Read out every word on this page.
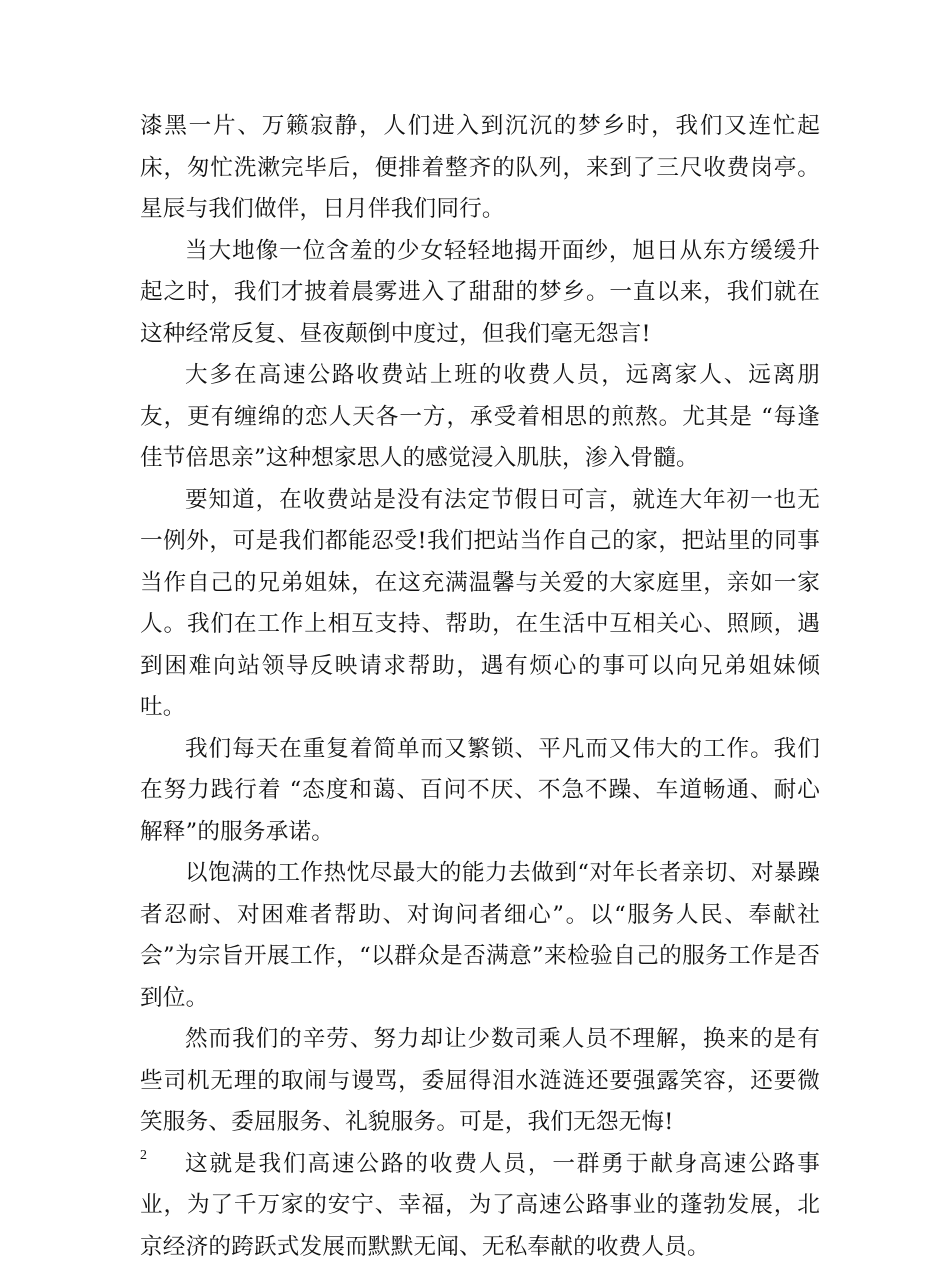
漆黑一片、万籁寂静，人们进入到沉沉的梦乡时，我们又连忙起床，匆忙洗漱完毕后，便排着整齐的队列，来到了三尺收费岗亭。星辰与我们做伴，日月伴我们同行。

当大地像一位含羞的少女轻轻地揭开面纱，旭日从东方缓缓升起之时，我们才披着晨雾进入了甜甜的梦乡。一直以来，我们就在这种经常反复、昼夜颠倒中度过，但我们毫无怨言!

大多在高速公路收费站上班的收费人员，远离家人、远离朋友，更有缠绵的恋人天各一方，承受着相思的煎熬。尤其是 “每逢佳节倍思亲”这种想家思人的感觉浸入肌肤，渗入骨髓。

要知道，在收费站是没有法定节假日可言，就连大年初一也无一例外，可是我们都能忍受!我们把站当作自己的家，把站里的同事当作自己的兄弟姐妹，在这充满温馨与关爱的大家庭里，亲如一家人。我们在工作上相互支持、帮助，在生活中互相关心、照顾，遇到困难向站领导反映请求帮助，遇有烦心的事可以向兄弟姐妹倾吐。

我们每天在重复着简单而又繁锁、平凡而又伟大的工作。我们在努力践行着 “态度和蔼、百问不厌、不急不躁、车道畅通、耐心解释”的服务承诺。

以饱满的工作热忱尽最大的能力去做到“对年长者亲切、对暴躁者忍耐、对困难者帮助、对询问者细心”。以“服务人民、奉献社会”为宗旨开展工作，“以群众是否满意”来检验自己的服务工作是否到位。

然而我们的辛劳、努力却让少数司乘人员不理解，换来的是有些司机无理的取闹与谩骂，委屈得泪水涟涟还要强露笑容，还要微笑服务、委屈服务、礼貌服务。可是，我们无怨无悔!

这就是我们高速公路的收费人员，一群勇于献身高速公路事业，为了千万家的安宁、幸福，为了高速公路事业的蓬勃发展，北京经济的跨跃式发展而默默无闻、无私奉献的收费人员。

2
